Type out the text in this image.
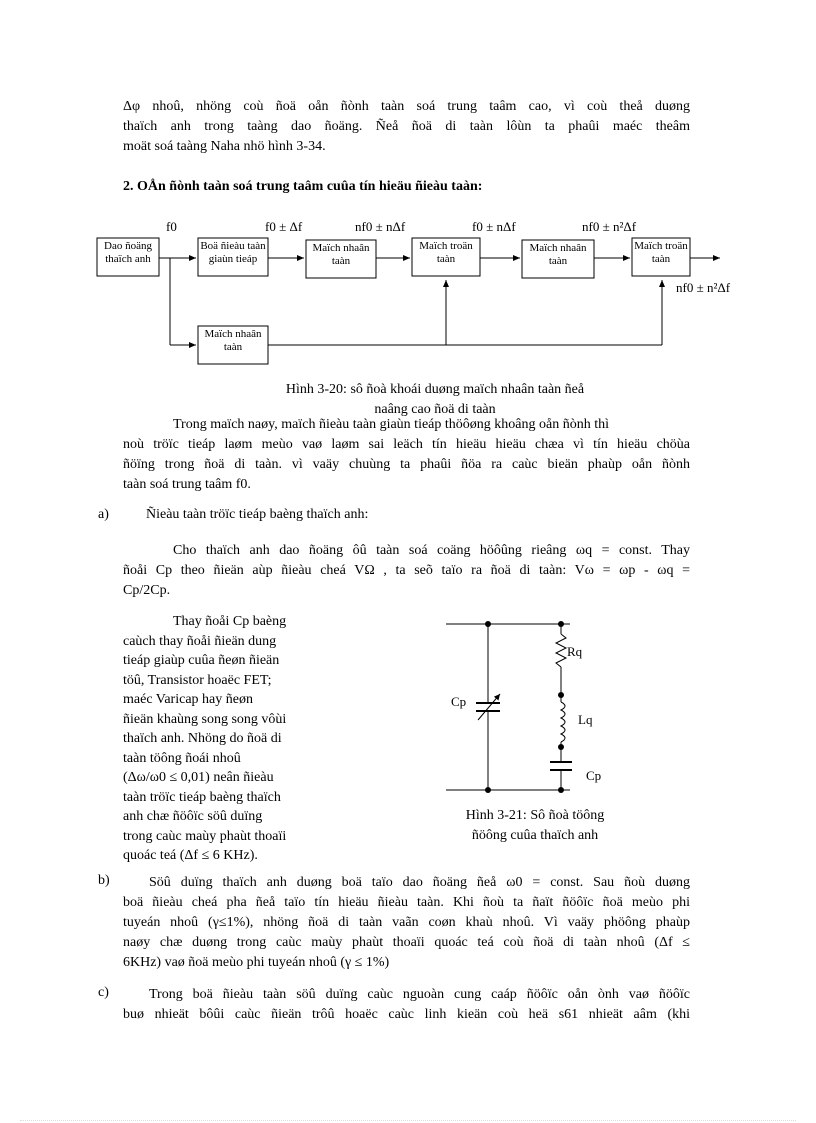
Δφ nhoû, nhöng coù ñoä oån ñònh taàn soá trung taâm cao, vì coù theå duøng
thaïch anh trong taàng dao ñoäng. Ñeå ñoä di taàn lôùn ta phaûi maéc theâm
moät soá taàng Naha nhö hình 3-34.
2. OÅn ñònh taàn soá trung taâm cuûa tín hieäu ñieàu taàn:
Dao ñoäng thaïch anh
Boä ñieàu taàn giaùn tieáp
Maïch nhaân taàn
Maïch troän taàn
Maïch nhaân taàn
Maïch troän taàn
Maïch nhaân taàn
f0	f0 ± Δf	nf0 ± nΔf	f0 ± nΔf	nf0 ± n²Δf
nf0 ± n²Δf
Hình 3-20: sô ñoà khoái duøng maïch nhaân taàn ñeå
naâng cao ñoä di taàn
Trong maïch naøy, maïch ñieàu taàn giaùn tieáp thöôøng khoâng oån ñònh thì
noù tröïc tieáp laøm meùo vaø laøm sai leäch tín hieäu hieäu chæa vì tín hieäu chöùa
ñöïng trong ñoä di taàn. vì vaäy chuùng ta phaûi ñöa ra caùc bieän phaùp oån ñònh
taàn soá trung taâm f0.
a)	Ñieàu taàn tröïc tieáp baèng thaïch anh:
Cho thaïch anh dao ñoäng ôû taàn soá coäng höôûng rieâng ωq = const. Thay
ñoåi Cp theo ñieän aùp ñieàu cheá VΩ , ta seõ taïo ra ñoä di taàn: Vω = ωp - ωq =
Cp/2Cp.
Thay ñoåi Cp baèng
caùch thay ñoåi ñieän dung
tieáp giaùp cuûa ñeøn ñieän
töû, Transistor hoaëc FET;
maéc Varicap hay ñeøn
ñieän khaùng song song vôùi
thaïch anh. Nhöng do ñoä di
taàn töông ñoái nhoû
(Δω/ω0 ≤ 0,01) neân ñieàu
taàn tröïc tieáp baèng thaïch
anh chæ ñöôïc söû duïng
trong caùc maùy phaùt thoaïi
quoác teá (Δf ≤ 6 KHz).
Rq
Lq
Cp
Cp
Hình 3-21: Sô ñoà töông
ñöông cuûa thaïch anh
b)	Söû duïng thaïch anh duøng boä taïo dao ñoäng ñeå ω0 = const. Sau ñoù duøng
boä ñieàu cheá pha ñeå taïo tín hieäu ñieàu taàn. Khi ñoù ta ñaït ñöôïc ñoä meùo phi
tuyeán nhoû (γ≤1%), nhöng ñoä di taàn vaãn coøn khaù nhoû. Vì vaäy phöông phaùp
naøy chæ duøng trong caùc maùy phaùt thoaïi quoác teá coù ñoä di taàn nhoû (Δf ≤
6KHz) vaø ñoä meùo phi tuyeán nhoû (γ ≤ 1%)
c)	Trong boä ñieàu taàn söû duïng caùc nguoàn cung caáp ñöôïc oån ònh vaø ñöôïc
buø nhieät bôûi caùc ñieän trôû hoaëc caùc linh kieän coù heä s61 nhieät aâm (khi
